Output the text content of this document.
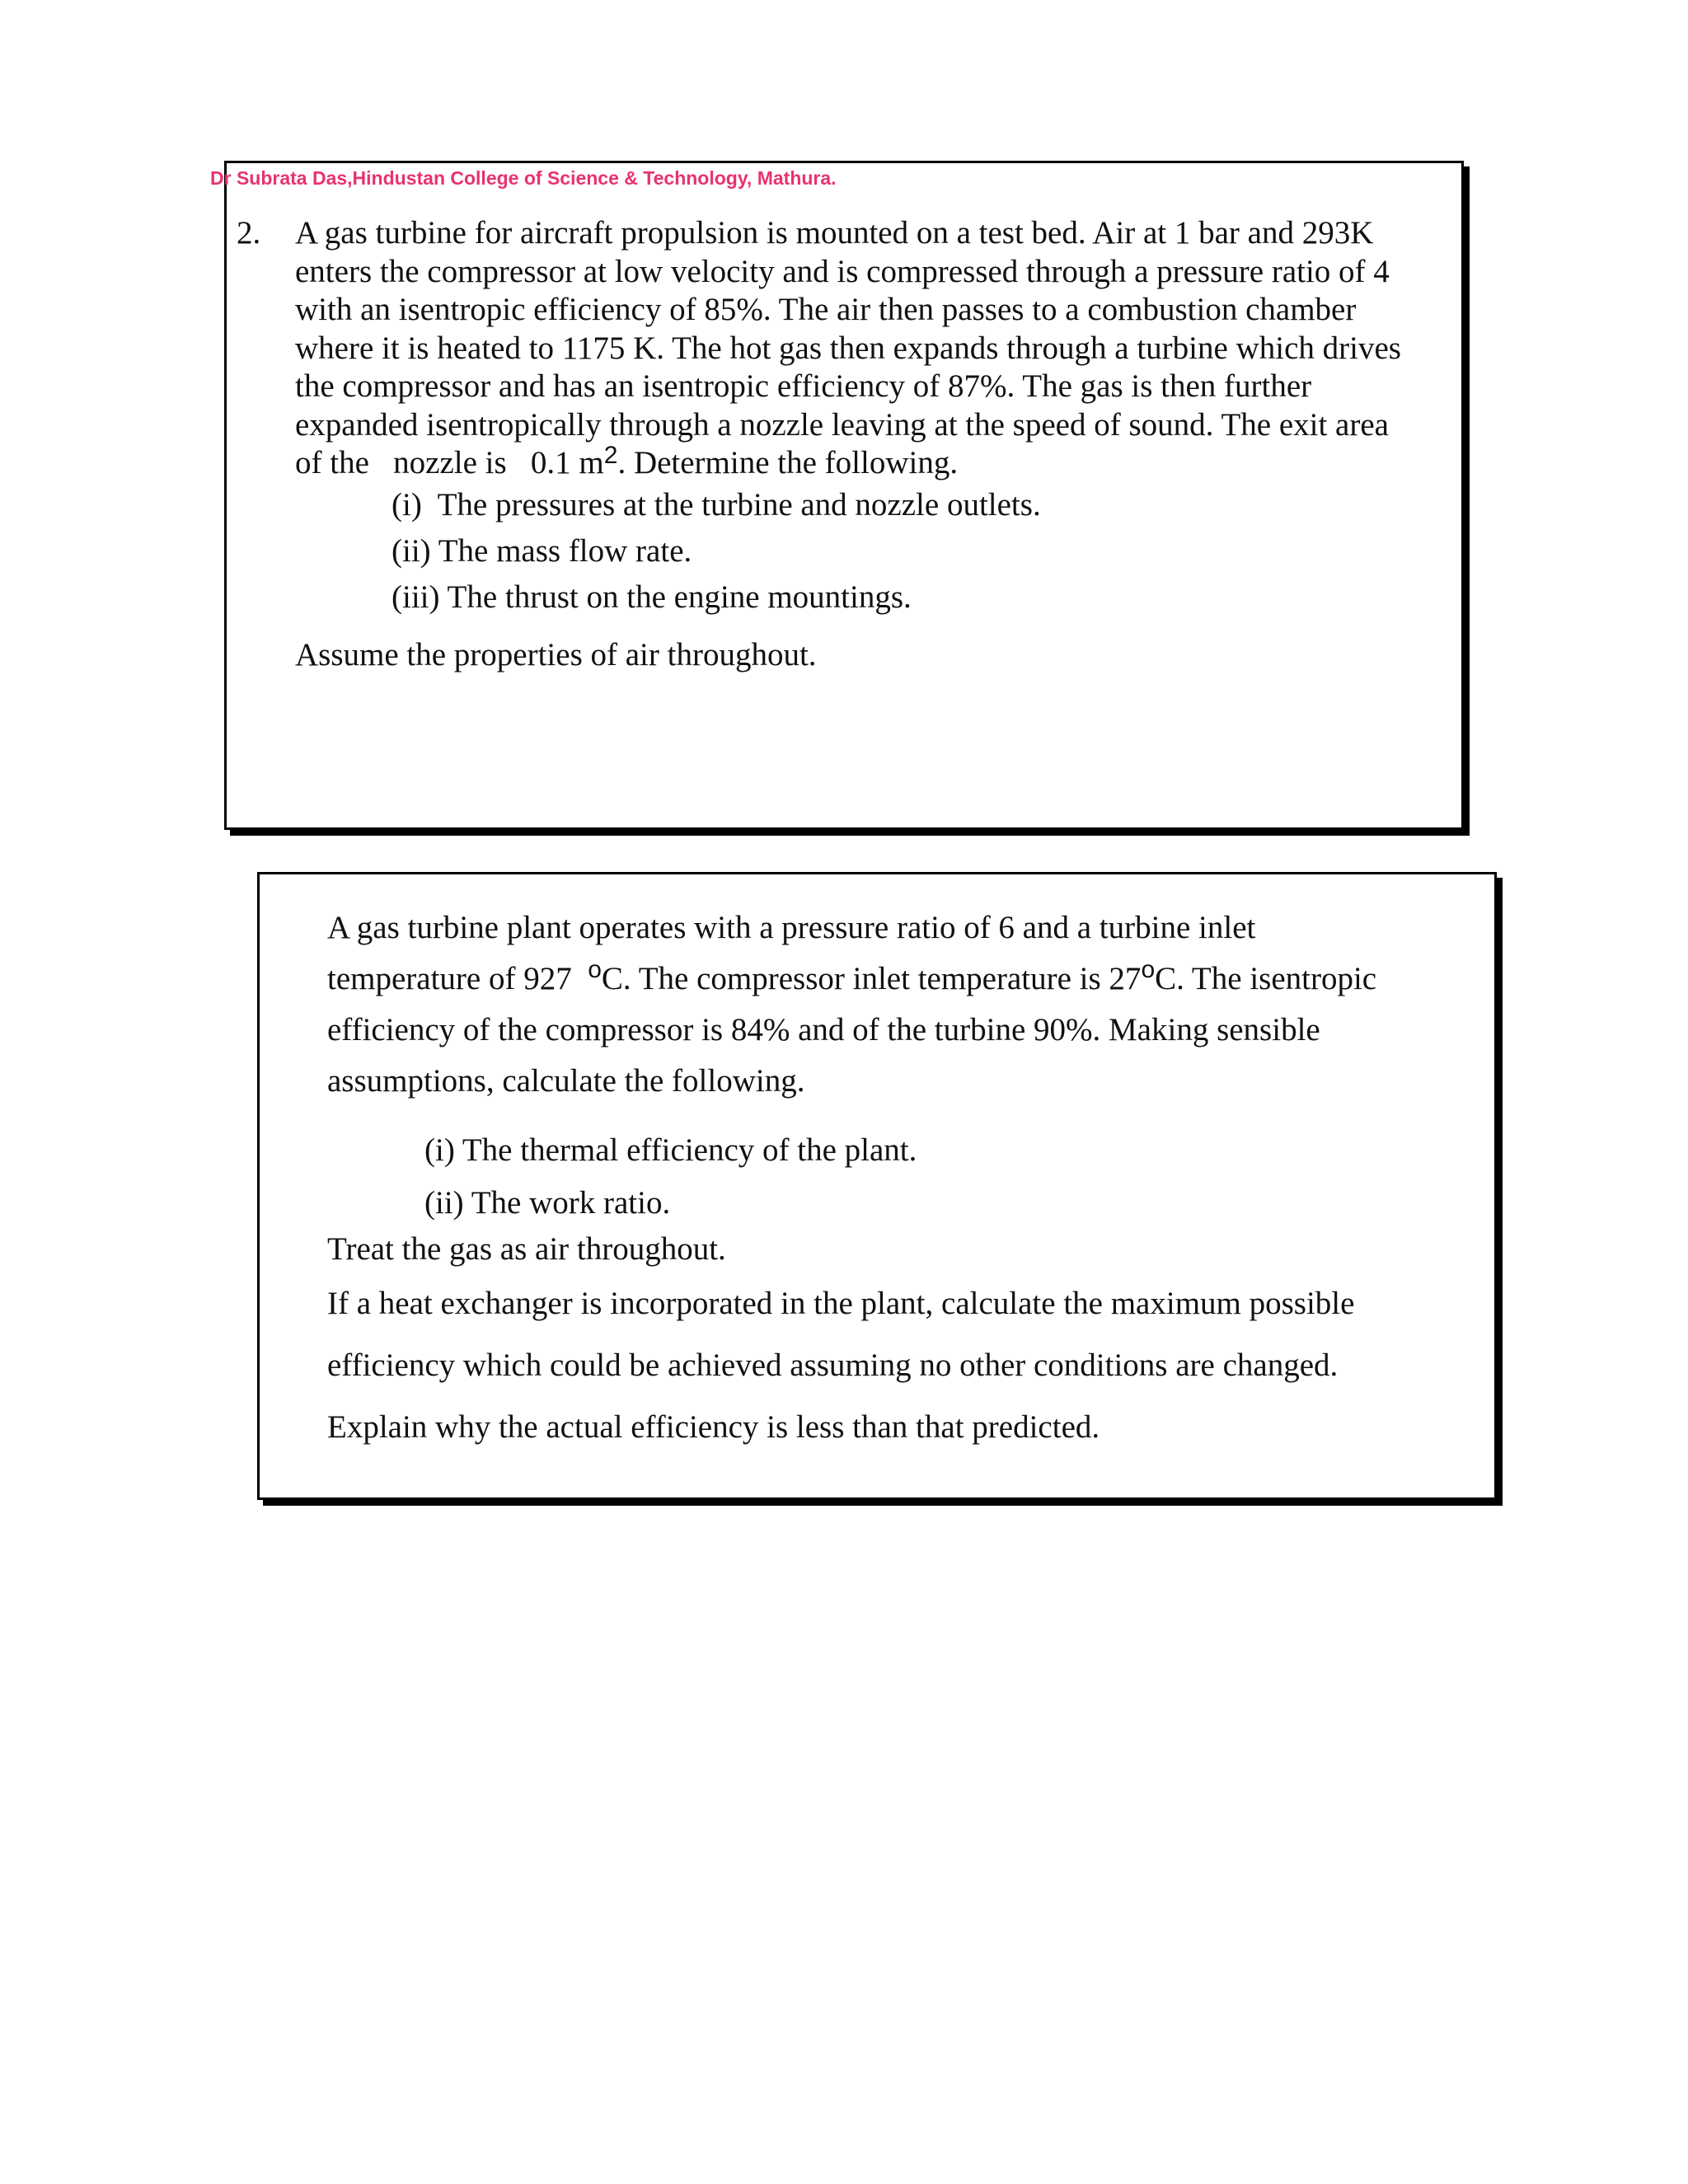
Dr Subrata Das,Hindustan College of Science & Technology, Mathura.
2. A gas turbine for aircraft propulsion is mounted on a test bed. Air at 1 bar and 293K

enters the compressor at low velocity and is compressed through a pressure ratio of 4

with an isentropic efficiency of 85%. The air then passes to a combustion chamber

where it is heated to 1175 K. The hot gas then expands through a turbine which drives

the compressor and has an isentropic efficiency of 87%. The gas is then further

expanded isentropically through a nozzle leaving at the speed of sound. The exit area

of the   nozzle is   0.1 $m^2$. Determine the following.

(i)  The pressures at the turbine and nozzle outlets.
(ii) The mass flow rate.
(iii) The thrust on the engine mountings.
Assume the properties of air throughout.
A gas turbine plant operates with a pressure ratio of 6 and a turbine inlet
temperature of 927  $^o$C. The compressor inlet temperature is 27$^o$C. The isentropic
efficiency of the compressor is 84% and of the turbine 90%. Making sensible
assumptions, calculate the following.
(i) The thermal efficiency of the plant.
(ii) The work ratio.
Treat the gas as air throughout.
If a heat exchanger is incorporated in the plant, calculate the maximum possible
efficiency which could be achieved assuming no other conditions are changed.
Explain why the actual efficiency is less than that predicted.
